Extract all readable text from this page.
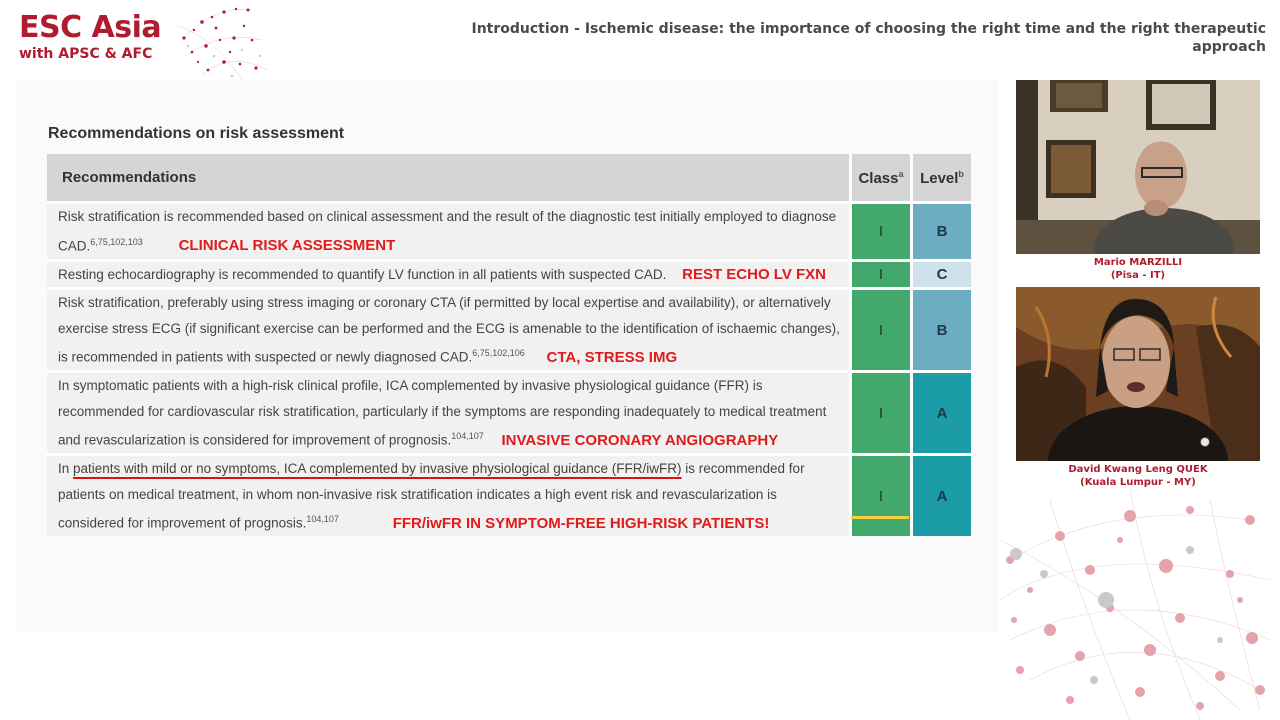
ESC Asia
with APSC & AFC
Introduction - Ischemic disease: the importance of choosing the right time and the right therapeutic approach
Recommendations on risk assessment
Recommendations	Class$^a$	Level$^b$
Risk stratification is recommended based on clinical assessment and the result of the diagnostic test initially employed to diagnose CAD.$^{6,75,102,103}$ CLINICAL RISK ASSESSMENT	I	B
Resting echocardiography is recommended to quantify LV function in all patients with suspected CAD. REST ECHO LV FXN	I	C
Risk stratification, preferably using stress imaging or coronary CTA (if permitted by local expertise and availability), or alternatively exercise stress ECG (if significant exercise can be performed and the ECG is amenable to the identification of ischaemic changes), is recommended in patients with suspected or newly diagnosed CAD.$^{6,75,102,106}$ CTA, STRESS IMG	I	B
In symptomatic patients with a high-risk clinical profile, ICA complemented by invasive physiological guidance (FFR) is recommended for cardiovascular risk stratification, particularly if the symptoms are responding inadequately to medical treatment and revascularization is considered for improvement of prognosis.$^{104,107}$ INVASIVE CORONARY ANGIOGRAPHY	I	A
In patients with mild or no symptoms, ICA complemented by invasive physiological guidance (FFR/iwFR) is recommended for patients on medical treatment, in whom non-invasive risk stratification indicates a high event risk and revascularization is considered for improvement of prognosis.$^{104,107}$ FFR/iwFR IN SYMPTOM-FREE HIGH-RISK PATIENTS!	I	A
Mario MARZILLI
(Pisa - IT)
David Kwang Leng QUEK
(Kuala Lumpur - MY)
